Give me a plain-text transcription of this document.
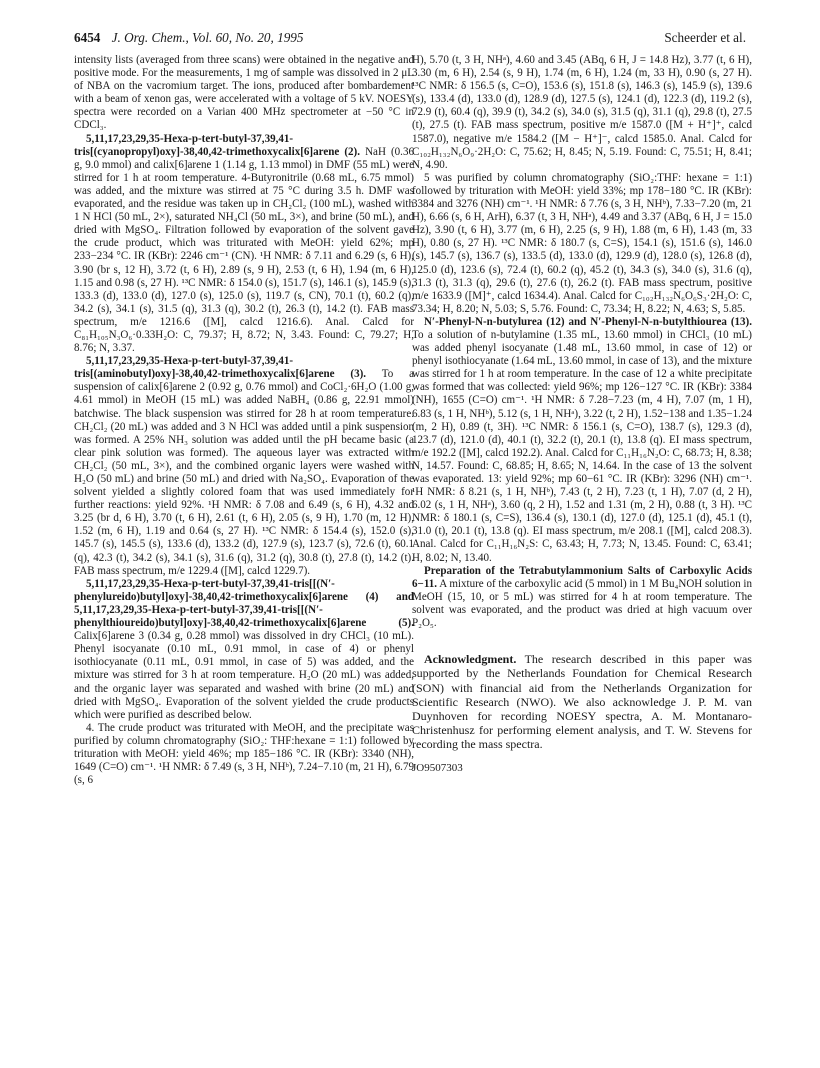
6454 J. Org. Chem., Vol. 60, No. 20, 1995	Scheerder et al.

intensity lists (averaged from three scans) were obtained in the negative and positive mode. For the measurements, 1 mg of sample was dissolved in 2 μL of NBA on the vacromium target. The ions, produced after bombardement with a beam of xenon gas, were accelerated with a voltage of 5 kV. NOESY spectra were recorded on a Varian 400 MHz spectrometer at −50 °C in CDCl₃.

5,11,17,23,29,35-Hexa-p-tert-butyl-37,39,41-tris[(cyanopropyl)oxy]-38,40,42-trimethoxycalix[6]arene (2). NaH (0.36 g, 9.0 mmol) and calix[6]arene 1 (1.14 g, 1.13 mmol) in DMF (55 mL) were stirred for 1 h at room temperature. 4-Butyronitrile (0.68 mL, 6.75 mmol) was added, and the mixture was stirred at 75 °C during 3.5 h. DMF was evaporated, and the residue was taken up in CH₂Cl₂ (100 mL), washed with 1 N HCl (50 mL, 2×), saturated NH₄Cl (50 mL, 3×), and brine (50 mL), and dried with MgSO₄. Filtration followed by evaporation of the solvent gave the crude product, which was triturated with MeOH: yield 62%; mp 233−234 °C. IR (KBr): 2246 cm⁻¹ (CN). ¹H NMR: δ 7.11 and 6.29 (s, 6 H), 3.90 (br s, 12 H), 3.72 (t, 6 H), 2.89 (s, 9 H), 2.53 (t, 6 H), 1.94 (m, 6 H), 1.15 and 0.98 (s, 27 H). ¹³C NMR: δ 154.0 (s), 151.7 (s), 146.1 (s), 145.9 (s), 133.3 (d), 133.0 (d), 127.0 (s), 125.0 (s), 119.7 (s, CN), 70.1 (t), 60.2 (q), 34.2 (s), 34.1 (s), 31.5 (q), 31.3 (q), 30.2 (t), 26.3 (t), 14.2 (t). FAB mass spectrum, m/e 1216.6 ([M], calcd 1216.6). Anal. Calcd for C₈₁H₁₀₅N₃O₆·0.33H₂O: C, 79.37; H, 8.72; N, 3.43. Found: C, 79.27; H, 8.76; N, 3.37.

5,11,17,23,29,35-Hexa-p-tert-butyl-37,39,41-tris[(aminobutyl)oxy]-38,40,42-trimethoxycalix[6]arene (3). To a suspension of calix[6]arene 2 (0.92 g, 0.76 mmol) and CoCl₂·6H₂O (1.00 g, 4.61 mmol) in MeOH (15 mL) was added NaBH₄ (0.86 g, 22.91 mmol) batchwise. The black suspension was stirred for 28 h at room temperature. CH₂Cl₂ (20 mL) was added and 3 N HCl was added until a pink suspension was formed. A 25% NH₃ solution was added until the pH became basic (a clear pink solution was formed). The aqueous layer was extracted with CH₂Cl₂ (50 mL, 3×), and the combined organic layers were washed with H₂O (50 mL) and brine (50 mL) and dried with Na₂SO₄. Evaporation of the solvent yielded a slightly colored foam that was used immediately for further reactions: yield 92%. ¹H NMR: δ 7.08 and 6.49 (s, 6 H), 4.32 and 3.25 (br d, 6 H), 3.70 (t, 6 H), 2.61 (t, 6 H), 2.05 (s, 9 H), 1.70 (m, 12 H), 1.52 (m, 6 H), 1.19 and 0.64 (s, 27 H). ¹³C NMR: δ 154.4 (s), 152.0 (s), 145.7 (s), 145.5 (s), 133.6 (d), 133.2 (d), 127.9 (s), 123.7 (s), 72.6 (t), 60.1 (q), 42.3 (t), 34.2 (s), 34.1 (s), 31.6 (q), 31.2 (q), 30.8 (t), 27.8 (t), 14.2 (t). FAB mass spectrum, m/e 1229.4 ([M], calcd 1229.7).

5,11,17,23,29,35-Hexa-p-tert-butyl-37,39,41-tris[[(N′-phenylureido)butyl]oxy]-38,40,42-trimethoxycalix[6]arene (4) and 5,11,17,23,29,35-Hexa-p-tert-butyl-37,39,41-tris[[(N′-phenylthioureido)butyl]oxy]-38,40,42-trimethoxycalix[6]arene (5). Calix[6]arene 3 (0.34 g, 0.28 mmol) was dissolved in dry CHCl₃ (10 mL). Phenyl isocyanate (0.10 mL, 0.91 mmol, in case of 4) or phenyl isothiocyanate (0.11 mL, 0.91 mmol, in case of 5) was added, and the mixture was stirred for 3 h at room temperature. H₂O (20 mL) was added, and the organic layer was separated and washed with brine (20 mL) and dried with MgSO₄. Evaporation of the solvent yielded the crude products which were purified as described below.

4. The crude product was triturated with MeOH, and the precipitate was purified by column chromatography (SiO₂: THF:hexane = 1:1) followed by trituration with MeOH: yield 46%; mp 185−186 °C. IR (KBr): 3340 (NH), 1649 (C=O) cm⁻¹. ¹H NMR: δ 7.49 (s, 3 H, NHᵇ), 7.24−7.10 (m, 21 H), 6.79 (s, 6

H), 5.70 (t, 3 H, NHᵃ), 4.60 and 3.45 (ABq, 6 H, J = 14.8 Hz), 3.77 (t, 6 H), 3.30 (m, 6 H), 2.54 (s, 9 H), 1.74 (m, 6 H), 1.24 (m, 33 H), 0.90 (s, 27 H). ¹³C NMR: δ 156.5 (s, C=O), 153.6 (s), 151.8 (s), 146.3 (s), 145.9 (s), 139.6 (s), 133.4 (d), 133.0 (d), 128.9 (d), 127.5 (s), 124.1 (d), 122.3 (d), 119.2 (s), 72.9 (t), 60.4 (q), 39.9 (t), 34.2 (s), 34.0 (s), 31.5 (q), 31.1 (q), 29.8 (t), 27.5 (t), 27.5 (t). FAB mass spectrum, positive m/e 1587.0 ([M + H⁺]⁺, calcd 1587.0), negative m/e 1584.2 ([M − H⁺]⁻, calcd 1585.0. Anal. Calcd for C₁₀₂H₁₃₂N₆O₉·2H₂O: C, 75.62; H, 8.45; N, 5.19. Found: C, 75.51; H, 8.41; N, 4.90.

5 was purified by column chromatography (SiO₂:THF: hexane = 1:1) followed by trituration with MeOH: yield 33%; mp 178−180 °C. IR (KBr): 3384 and 3276 (NH) cm⁻¹. ¹H NMR: δ 7.76 (s, 3 H, NHᵇ), 7.33−7.20 (m, 21 H), 6.66 (s, 6 H, ArH), 6.37 (t, 3 H, NHᵃ), 4.49 and 3.37 (ABq, 6 H, J = 15.0 Hz), 3.90 (t, 6 H), 3.77 (m, 6 H), 2.25 (s, 9 H), 1.88 (m, 6 H), 1.43 (m, 33 H), 0.80 (s, 27 H). ¹³C NMR: δ 180.7 (s, C=S), 154.1 (s), 151.6 (s), 146.0 (s), 145.7 (s), 136.7 (s), 133.5 (d), 133.0 (d), 129.9 (d), 128.0 (s), 126.8 (d), 125.0 (d), 123.6 (s), 72.4 (t), 60.2 (q), 45.2 (t), 34.3 (s), 34.0 (s), 31.6 (q), 31.3 (t), 31.3 (q), 29.6 (t), 27.6 (t), 26.2 (t). FAB mass spectrum, positive m/e 1633.9 ([M]⁺, calcd 1634.4). Anal. Calcd for C₁₀₂H₁₃₂N₆O₆S₃·2H₂O: C, 73.34; H, 8.20; N, 5.03; S, 5.76. Found: C, 73.34; H, 8.22; N, 4.63; S, 5.85.

N′-Phenyl-N-n-butylurea (12) and N′-Phenyl-N-n-butylthiourea (13). To a solution of n-butylamine (1.35 mL, 13.60 mmol) in CHCl₃ (10 mL) was added phenyl isocyanate (1.48 mL, 13.60 mmol, in case of 12) or phenyl isothiocyanate (1.64 mL, 13.60 mmol, in case of 13), and the mixture was stirred for 1 h at room temperature. In the case of 12 a white precipitate was formed that was collected: yield 96%; mp 126−127 °C. IR (KBr): 3384 (NH), 1655 (C=O) cm⁻¹. ¹H NMR: δ 7.28−7.23 (m, 4 H), 7.07 (m, 1 H), 6.83 (s, 1 H, NHᵇ), 5.12 (s, 1 H, NHᵃ), 3.22 (t, 2 H), 1.52−138 and 1.35−1.24 (m, 2 H), 0.89 (t, 3H). ¹³C NMR: δ 156.1 (s, C=O), 138.7 (s), 129.3 (d), 123.7 (d), 121.0 (d), 40.1 (t), 32.2 (t), 20.1 (t), 13.8 (q). EI mass spectrum, m/e 192.2 ([M], calcd 192.2). Anal. Calcd for C₁₁H₁₆N₂O: C, 68.73; H, 8.38; N, 14.57. Found: C, 68.85; H, 8.65; N, 14.64. In the case of 13 the solvent was evaporated. 13: yield 92%; mp 60−61 °C. IR (KBr): 3296 (NH) cm⁻¹. ¹H NMR: δ 8.21 (s, 1 H, NHᵇ), 7.43 (t, 2 H), 7.23 (t, 1 H), 7.07 (d, 2 H), 6.02 (s, 1 H, NHᵃ), 3.60 (q, 2 H), 1.52 and 1.31 (m, 2 H), 0.88 (t, 3 H). ¹³C NMR: δ 180.1 (s, C=S), 136.4 (s), 130.1 (d), 127.0 (d), 125.1 (d), 45.1 (t), 31.0 (t), 20.1 (t), 13.8 (q). EI mass spectrum, m/e 208.1 ([M], calcd 208.3). Anal. Calcd for C₁₁H₁₆N₂S: C, 63.43; H, 7.73; N, 13.45. Found: C, 63.41; H, 8.02; N, 13.40.

Preparation of the Tetrabutylammonium Salts of Carboxylic Acids 6−11. A mixture of the carboxylic acid (5 mmol) in 1 M Bu₄NOH solution in MeOH (15, 10, or 5 mL) was stirred for 4 h at room temperature. The solvent was evaporated, and the product was dried at high vacuum over P₂O₅.

Acknowledgment. The research described in this paper was supported by the Netherlands Foundation for Chemical Research (SON) with financial aid from the Netherlands Organization for Scientific Research (NWO). We also acknowledge J. P. M. van Duynhoven for recording NOESY spectra, A. M. Montanaro-Christenhusz for performing element analysis, and T. W. Stevens for recording the mass spectra.

JO9507303
